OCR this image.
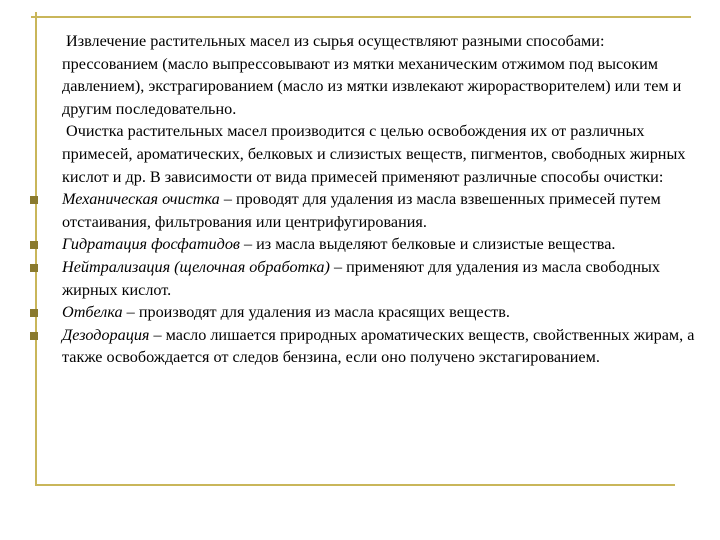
Извлечение растительных масел из сырья осуществляют разными способами: прессованием (масло выпрессовывают из мятки механическим отжимом под высоким давлением), экстрагированием (масло из мятки извлекают жирорастворителем) или тем и другим последовательно.

Очистка растительных масел производится с целью освобождения их от различных примесей, ароматических, белковых и слизистых веществ, пигментов, свободных жирных кислот и др. В зависимости от вида примесей применяют различные способы очистки:

Механическая очистка – проводят для удаления из масла взвешенных примесей путем отстаивания, фильтрования или центрифугирования.

Гидратация фосфатидов – из масла выделяют белковые и слизистые вещества.

Нейтрализация (щелочная обработка) – применяют для удаления из масла свободных жирных кислот.

Отбелка – производят для удаления из масла красящих веществ.

Дезодорация – масло лишается природных ароматических веществ, свойственных жирам, а также освобождается от следов бензина, если оно получено экстагированием.
